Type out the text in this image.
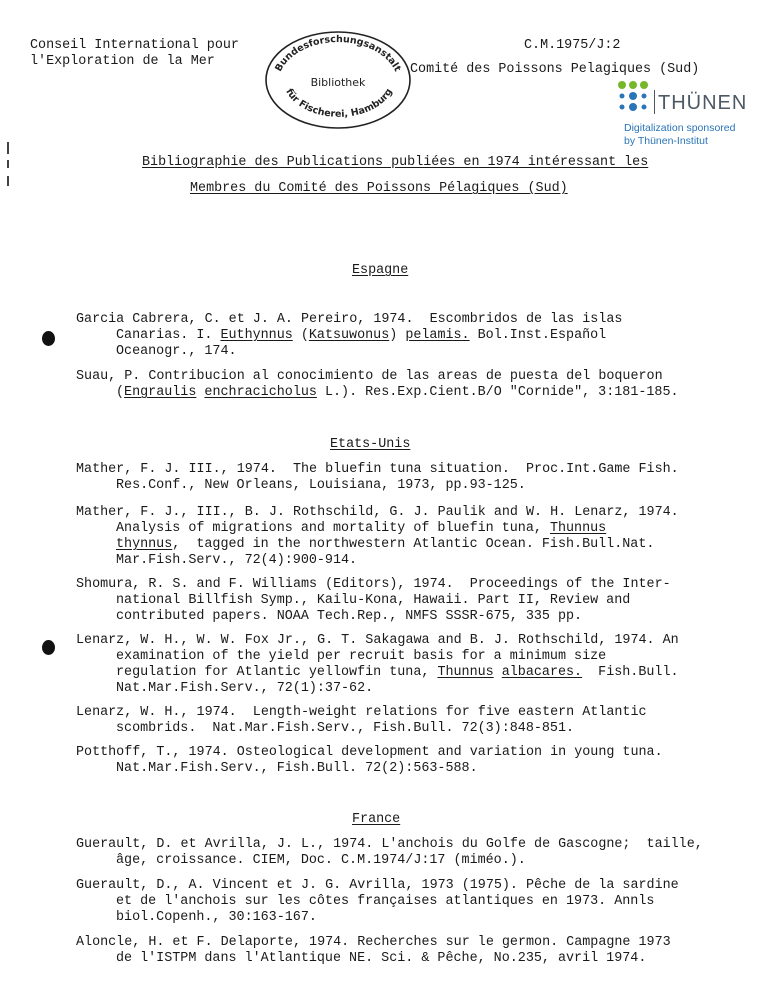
Conseil International pour
l'Exploration de la Mer
C.M.1975/J:2
Comité des Poissons Pelagiques (Sud)
Bundesforschungsanstalt
Bibliothek
für Fischerei, Hamburg	THÜNEN
Digitalization sponsored
by Thünen-Institut
Bibliographie des Publications publiées en 1974 intéressant les
Membres du Comité des Poissons Pélagiques (Sud)
Espagne
Garcia Cabrera, C. et J. A. Pereiro, 1974.  Escombridos de las islas
Canarias. I. Euthynnus (Katsuwonus) pelamis. Bol.Inst.Español
Oceanogr., 174.
Suau, P. Contribucion al conocimiento de las areas de puesta del boqueron
(Engraulis enchracicholus L.). Res.Exp.Cient.B/O "Cornide", 3:181-185.
Etats-Unis
Mather, F. J. III., 1974.  The bluefin tuna situation.  Proc.Int.Game Fish.
Res.Conf., New Orleans, Louisiana, 1973, pp.93-125.
Mather, F. J., III., B. J. Rothschild, G. J. Paulik and W. H. Lenarz, 1974.
Analysis of migrations and mortality of bluefin tuna, Thunnus
thynnus,  tagged in the northwestern Atlantic Ocean. Fish.Bull.Nat.
Mar.Fish.Serv., 72(4):900-914.
Shomura, R. S. and F. Williams (Editors), 1974.  Proceedings of the Inter-
national Billfish Symp., Kailu-Kona, Hawaii. Part II, Review and
contributed papers. NOAA Tech.Rep., NMFS SSSR-675, 335 pp.
Lenarz, W. H., W. W. Fox Jr., G. T. Sakagawa and B. J. Rothschild, 1974. An
examination of the yield per recruit basis for a minimum size
regulation for Atlantic yellowfin tuna, Thunnus albacares.  Fish.Bull.
Nat.Mar.Fish.Serv., 72(1):37-62.
Lenarz, W. H., 1974.  Length-weight relations for five eastern Atlantic
scombrids.  Nat.Mar.Fish.Serv., Fish.Bull. 72(3):848-851.
Potthoff, T., 1974. Osteological development and variation in young tuna.
Nat.Mar.Fish.Serv., Fish.Bull. 72(2):563-588.
France
Guerault, D. et Avrilla, J. L., 1974. L'anchois du Golfe de Gascogne;  taille,
âge, croissance. CIEM, Doc. C.M.1974/J:17 (miméo.).
Guerault, D., A. Vincent et J. G. Avrilla, 1973 (1975). Pêche de la sardine
et de l'anchois sur les côtes françaises atlantiques en 1973. Annls
biol.Copenh., 30:163-167.
Aloncle, H. et F. Delaporte, 1974. Recherches sur le germon. Campagne 1973
de l'ISTPM dans l'Atlantique NE. Sci. & Pêche, No.235, avril 1974.
